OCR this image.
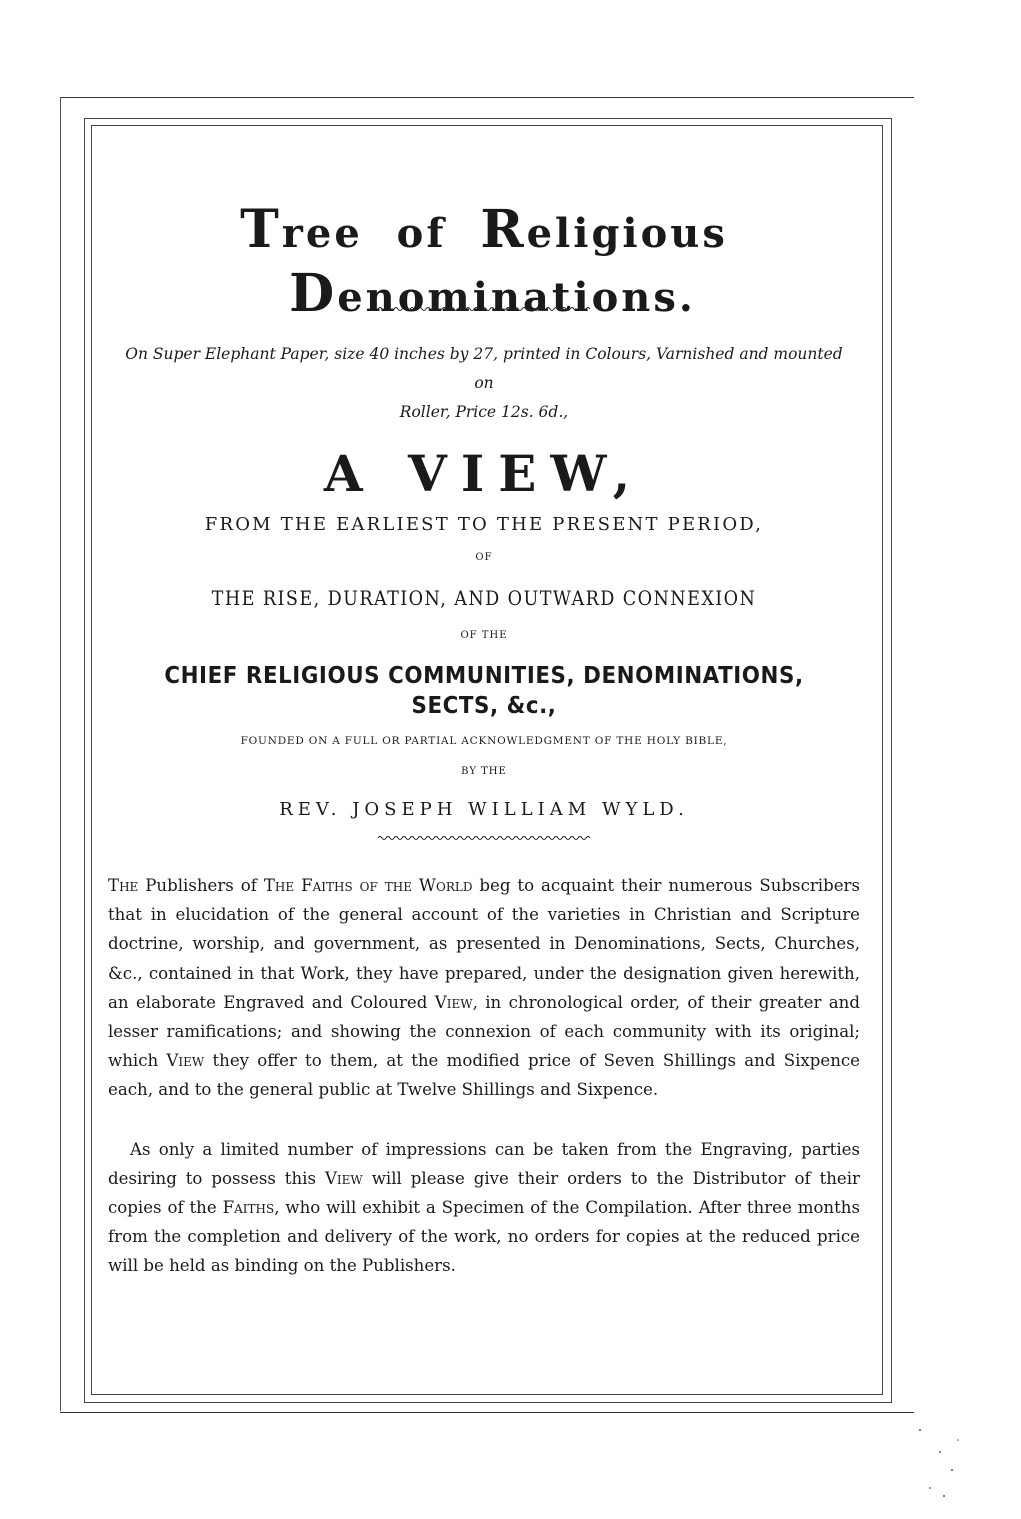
Tree of Religious  Denominations.
On Super Elephant Paper, size 40 inches by 27, printed in Colours, Varnished and mounted on
Roller, Price 12s. 6d.,
A VIEW,
FROM THE EARLIEST TO THE PRESENT PERIOD,
OF
THE RISE, DURATION, AND OUTWARD CONNEXION
OF THE
CHIEF RELIGIOUS COMMUNITIES, DENOMINATIONS, SECTS, &c.,
FOUNDED ON A FULL OR PARTIAL ACKNOWLEDGMENT OF THE HOLY BIBLE,
BY THE
REV. JOSEPH WILLIAM WYLD.

The Publishers of The Faiths of the World beg to acquaint their numerous Subscribers that in elucidation of the general account of the varieties in Christian and Scripture doctrine, worship, and government, as presented in Denominations, Sects, Churches, &c., contained in that Work, they have prepared, under the designation given herewith, an elaborate Engraved and Coloured View, in chronological order, of their greater and lesser ramifications; and showing the connexion of each community with its original; which View they offer to them, at the modified price of Seven Shillings and Sixpence each, and to the general public at Twelve Shillings and Sixpence.

As only a limited number of impressions can be taken from the Engraving, parties desiring to possess this View will please give their orders to the Distributor of their copies of the Faiths, who will exhibit a Specimen of the Compilation. After three months from the completion and delivery of the work, no orders for copies at the reduced price will be held as binding on the Publishers.
